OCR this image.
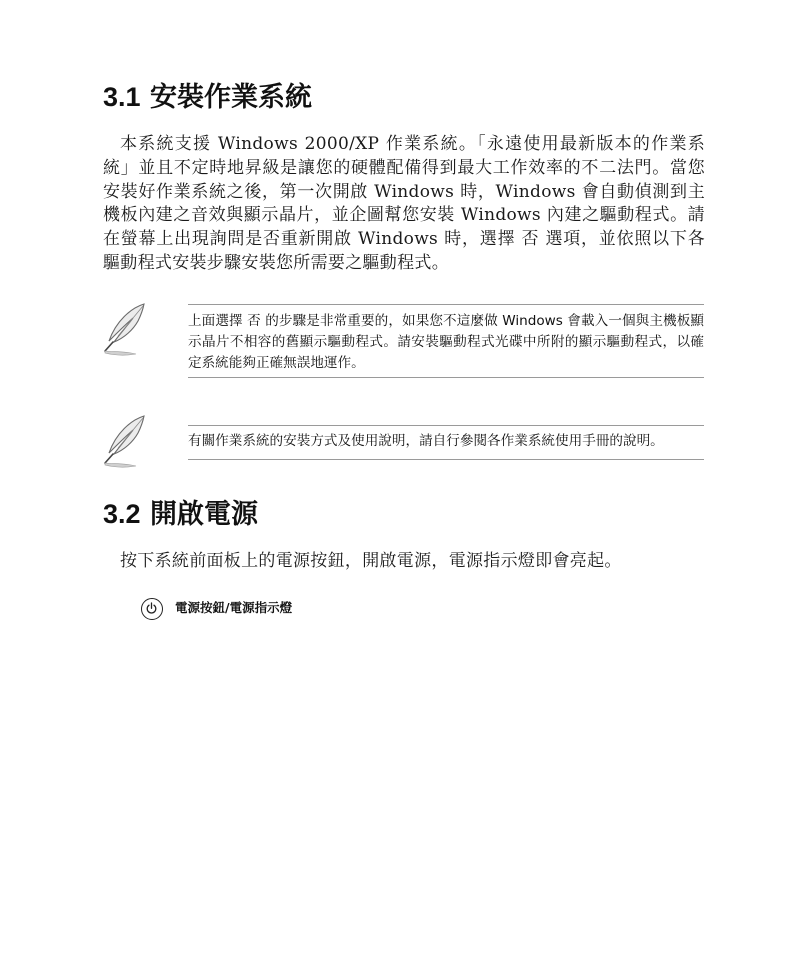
3.1 安裝作業系統

本系統支援 Windows 2000/XP 作業系統。「永遠使用最新版本的作業系統」並且不定時地昇級是讓您的硬體配備得到最大工作效率的不二法門。當您安裝好作業系統之後，第一次開啟 Windows 時，Windows 會自動偵測到主機板內建之音效與顯示晶片，並企圖幫您安裝 Windows 內建之驅動程式。請在螢幕上出現詢問是否重新開啟 Windows 時，選擇 否 選項，並依照以下各驅動程式安裝步驟安裝您所需要之驅動程式。

上面選擇 否 的步驟是非常重要的，如果您不這麼做 Windows 會載入一個與主機板顯示晶片不相容的舊顯示驅動程式。請安裝驅動程式光碟中所附的顯示驅動程式，以確定系統能夠正確無誤地運作。

有關作業系統的安裝方式及使用說明，請自行參閱各作業系統使用手冊的說明。

3.2 開啟電源

按下系統前面板上的電源按鈕，開啟電源，電源指示燈即會亮起。

電源按鈕/電源指示燈
